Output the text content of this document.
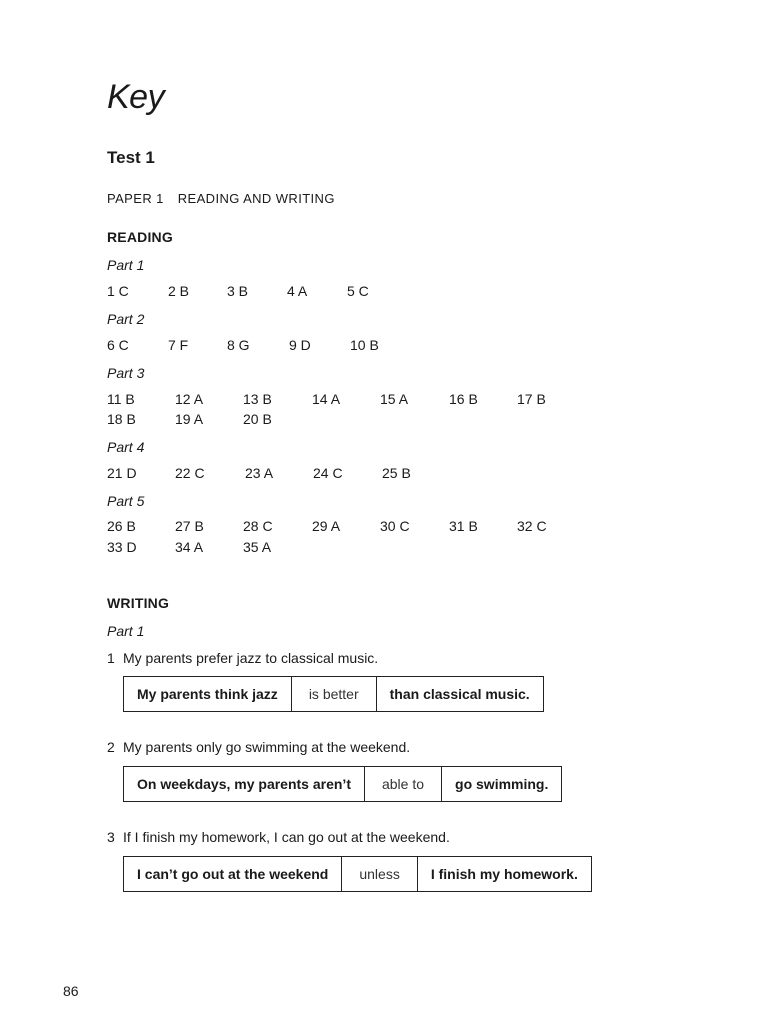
Key
Test 1
PAPER 1 READING AND WRITING
READING
Part 1
1 C	2 B	3 B	4 A	5 C
Part 2
6 C	7 F	8 G	9 D	10 B
Part 3
11 B	12 A	13 B	14 A	15 A	16 B	17 B
18 B	19 A	20 B
Part 4
21 D	22 C	23 A	24 C	25 B
Part 5
26 B	27 B	28 C	29 A	30 C	31 B	32 C
33 D	34 A	35 A
WRITING
Part 1
1 My parents prefer jazz to classical music.
My parents think jazz	is better	than classical music.
2 My parents only go swimming at the weekend.
On weekdays, my parents aren’t	able to	go swimming.
3 If I finish my homework, I can go out at the weekend.
I can’t go out at the weekend	unless	I finish my homework.
86
